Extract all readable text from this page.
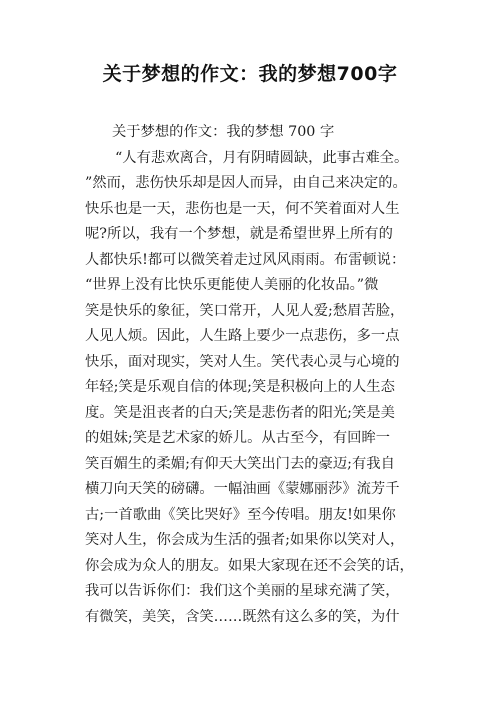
关于梦想的作文：我的梦想700字
关于梦想的作文：我的梦想 700 字
“人有悲欢离合，月有阴晴圆缺，此事古难全。
”然而，悲伤快乐却是因人而异，由自己来决定的。
快乐也是一天，悲伤也是一天，何不笑着面对人生
呢?所以，我有一个梦想，就是希望世界上所有的
人都快乐!都可以微笑着走过风风雨雨。布雷顿说：
“世界上没有比快乐更能使人美丽的化妆品。”微
笑是快乐的象征，笑口常开，人见人爱;愁眉苦脸，
人见人烦。因此，人生路上要少一点悲伤，多一点
快乐，面对现实，笑对人生。笑代表心灵与心境的
年轻;笑是乐观自信的体现;笑是积极向上的人生态
度。笑是沮丧者的白天;笑是悲伤者的阳光;笑是美
的姐妹;笑是艺术家的娇儿。从古至今，有回眸一
笑百媚生的柔媚;有仰天大笑出门去的豪迈;有我自
横刀向天笑的磅礴。一幅油画《蒙娜丽莎》流芳千
古;一首歌曲《笑比哭好》至今传唱。朋友!如果你
笑对人生，你会成为生活的强者;如果你以笑对人，
你会成为众人的朋友。如果大家现在还不会笑的话，
我可以告诉你们：我们这个美丽的星球充满了笑，
有微笑，美笑，含笑……既然有这么多的笑，为什
